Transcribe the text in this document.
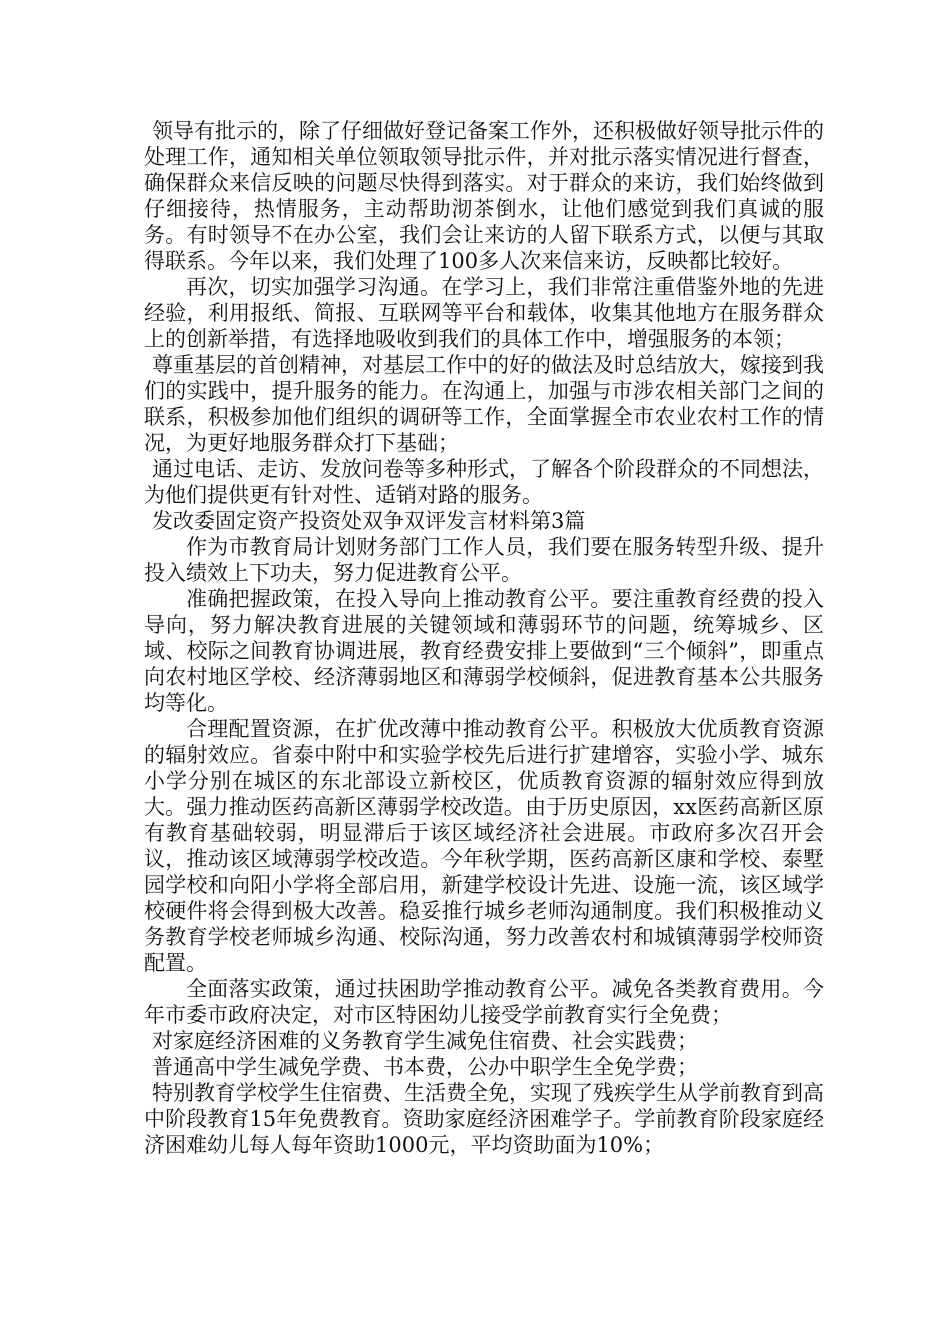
领导有批示的，除了仔细做好登记备案工作外，还积极做好领导批示件的处理工作，通知相关单位领取领导批示件，并对批示落实情况进行督查，确保群众来信反映的问题尽快得到落实。对于群众的来访，我们始终做到仔细接待，热情服务，主动帮助沏茶倒水，让他们感觉到我们真诚的服务。有时领导不在办公室，我们会让来访的人留下联系方式，以便与其取得联系。今年以来，我们处理了100多人次来信来访，反映都比较好。

再次，切实加强学习沟通。在学习上，我们非常注重借鉴外地的先进经验，利用报纸、简报、互联网等平台和载体，收集其他地方在服务群众上的创新举措，有选择地吸收到我们的具体工作中，增强服务的本领；

尊重基层的首创精神，对基层工作中的好的做法及时总结放大，嫁接到我们的实践中，提升服务的能力。在沟通上，加强与市涉农相关部门之间的联系，积极参加他们组织的调研等工作，全面掌握全市农业农村工作的情况，为更好地服务群众打下基础；

通过电话、走访、发放问卷等多种形式，了解各个阶段群众的不同想法，为他们提供更有针对性、适销对路的服务。

发改委固定资产投资处双争双评发言材料第3篇

作为市教育局计划财务部门工作人员，我们要在服务转型升级、提升投入绩效上下功夫，努力促进教育公平。

准确把握政策，在投入导向上推动教育公平。要注重教育经费的投入导向，努力解决教育进展的关键领域和薄弱环节的问题，统筹城乡、区域、校际之间教育协调进展，教育经费安排上要做到“三个倾斜”，即重点向农村地区学校、经济薄弱地区和薄弱学校倾斜，促进教育基本公共服务均等化。

合理配置资源，在扩优改薄中推动教育公平。积极放大优质教育资源的辐射效应。省泰中附中和实验学校先后进行扩建增容，实验小学、城东小学分别在城区的东北部设立新校区，优质教育资源的辐射效应得到放大。强力推动医药高新区薄弱学校改造。由于历史原因，xx医药高新区原有教育基础较弱，明显滞后于该区域经济社会进展。市政府多次召开会议，推动该区域薄弱学校改造。今年秋学期，医药高新区康和学校、泰墅园学校和向阳小学将全部启用，新建学校设计先进、设施一流，该区域学校硬件将会得到极大改善。稳妥推行城乡老师沟通制度。我们积极推动义务教育学校老师城乡沟通、校际沟通，努力改善农村和城镇薄弱学校师资配置。

全面落实政策，通过扶困助学推动教育公平。减免各类教育费用。今年市委市政府决定，对市区特困幼儿接受学前教育实行全免费；

对家庭经济困难的义务教育学生减免住宿费、社会实践费；

普通高中学生减免学费、书本费，公办中职学生全免学费；

特别教育学校学生住宿费、生活费全免，实现了残疾学生从学前教育到高中阶段教育15年免费教育。资助家庭经济困难学子。学前教育阶段家庭经济困难幼儿每人每年资助1000元，平均资助面为10%；
